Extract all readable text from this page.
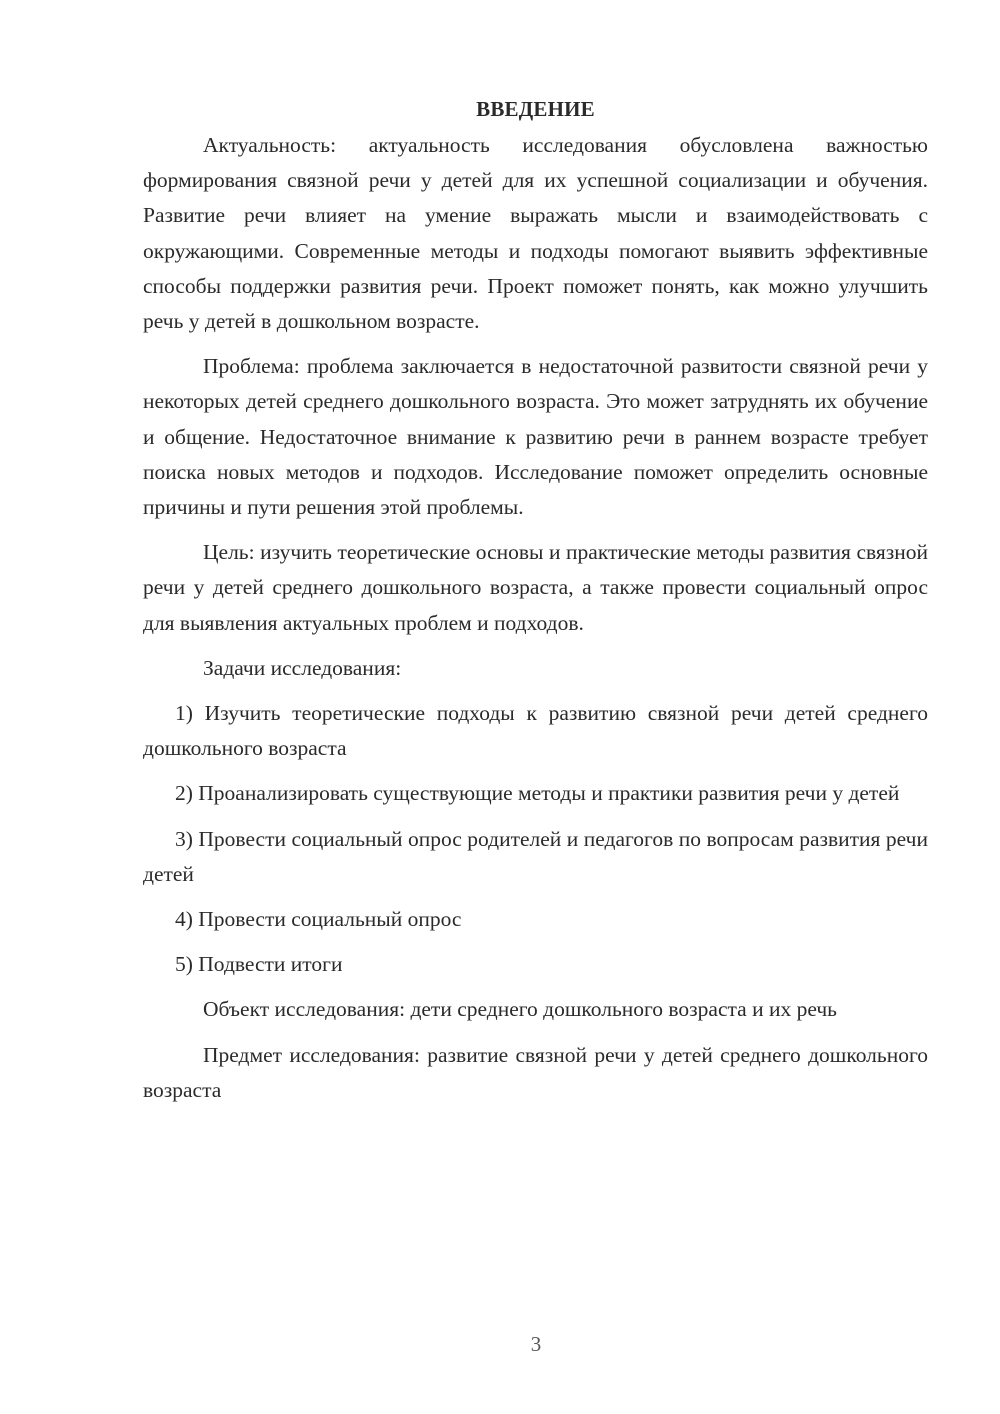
ВВЕДЕНИЕ

Актуальность: актуальность исследования обусловлена важностью формирования связной речи у детей для их успешной социализации и обучения. Развитие речи влияет на умение выражать мысли и взаимодействовать с окружающими. Современные методы и подходы помогают выявить эффективные способы поддержки развития речи. Проект поможет понять, как можно улучшить речь у детей в дошкольном возрасте.

Проблема: проблема заключается в недостаточной развитости связной речи у некоторых детей среднего дошкольного возраста. Это может затруднять их обучение и общение. Недостаточное внимание к развитию речи в раннем возрасте требует поиска новых методов и подходов. Исследование поможет определить основные причины и пути решения этой проблемы.

Цель: изучить теоретические основы и практические методы развития связной речи у детей среднего дошкольного возраста, а также провести социальный опрос для выявления актуальных проблем и подходов.

Задачи исследования:

1) Изучить теоретические подходы к развитию связной речи детей среднего дошкольного возраста

2) Проанализировать существующие методы и практики развития речи у детей

3) Провести социальный опрос родителей и педагогов по вопросам развития речи детей

4) Провести социальный опрос

5) Подвести итоги

Объект исследования: дети среднего дошкольного возраста и их речь

Предмет исследования: развитие связной речи у детей среднего дошкольного возраста

3
